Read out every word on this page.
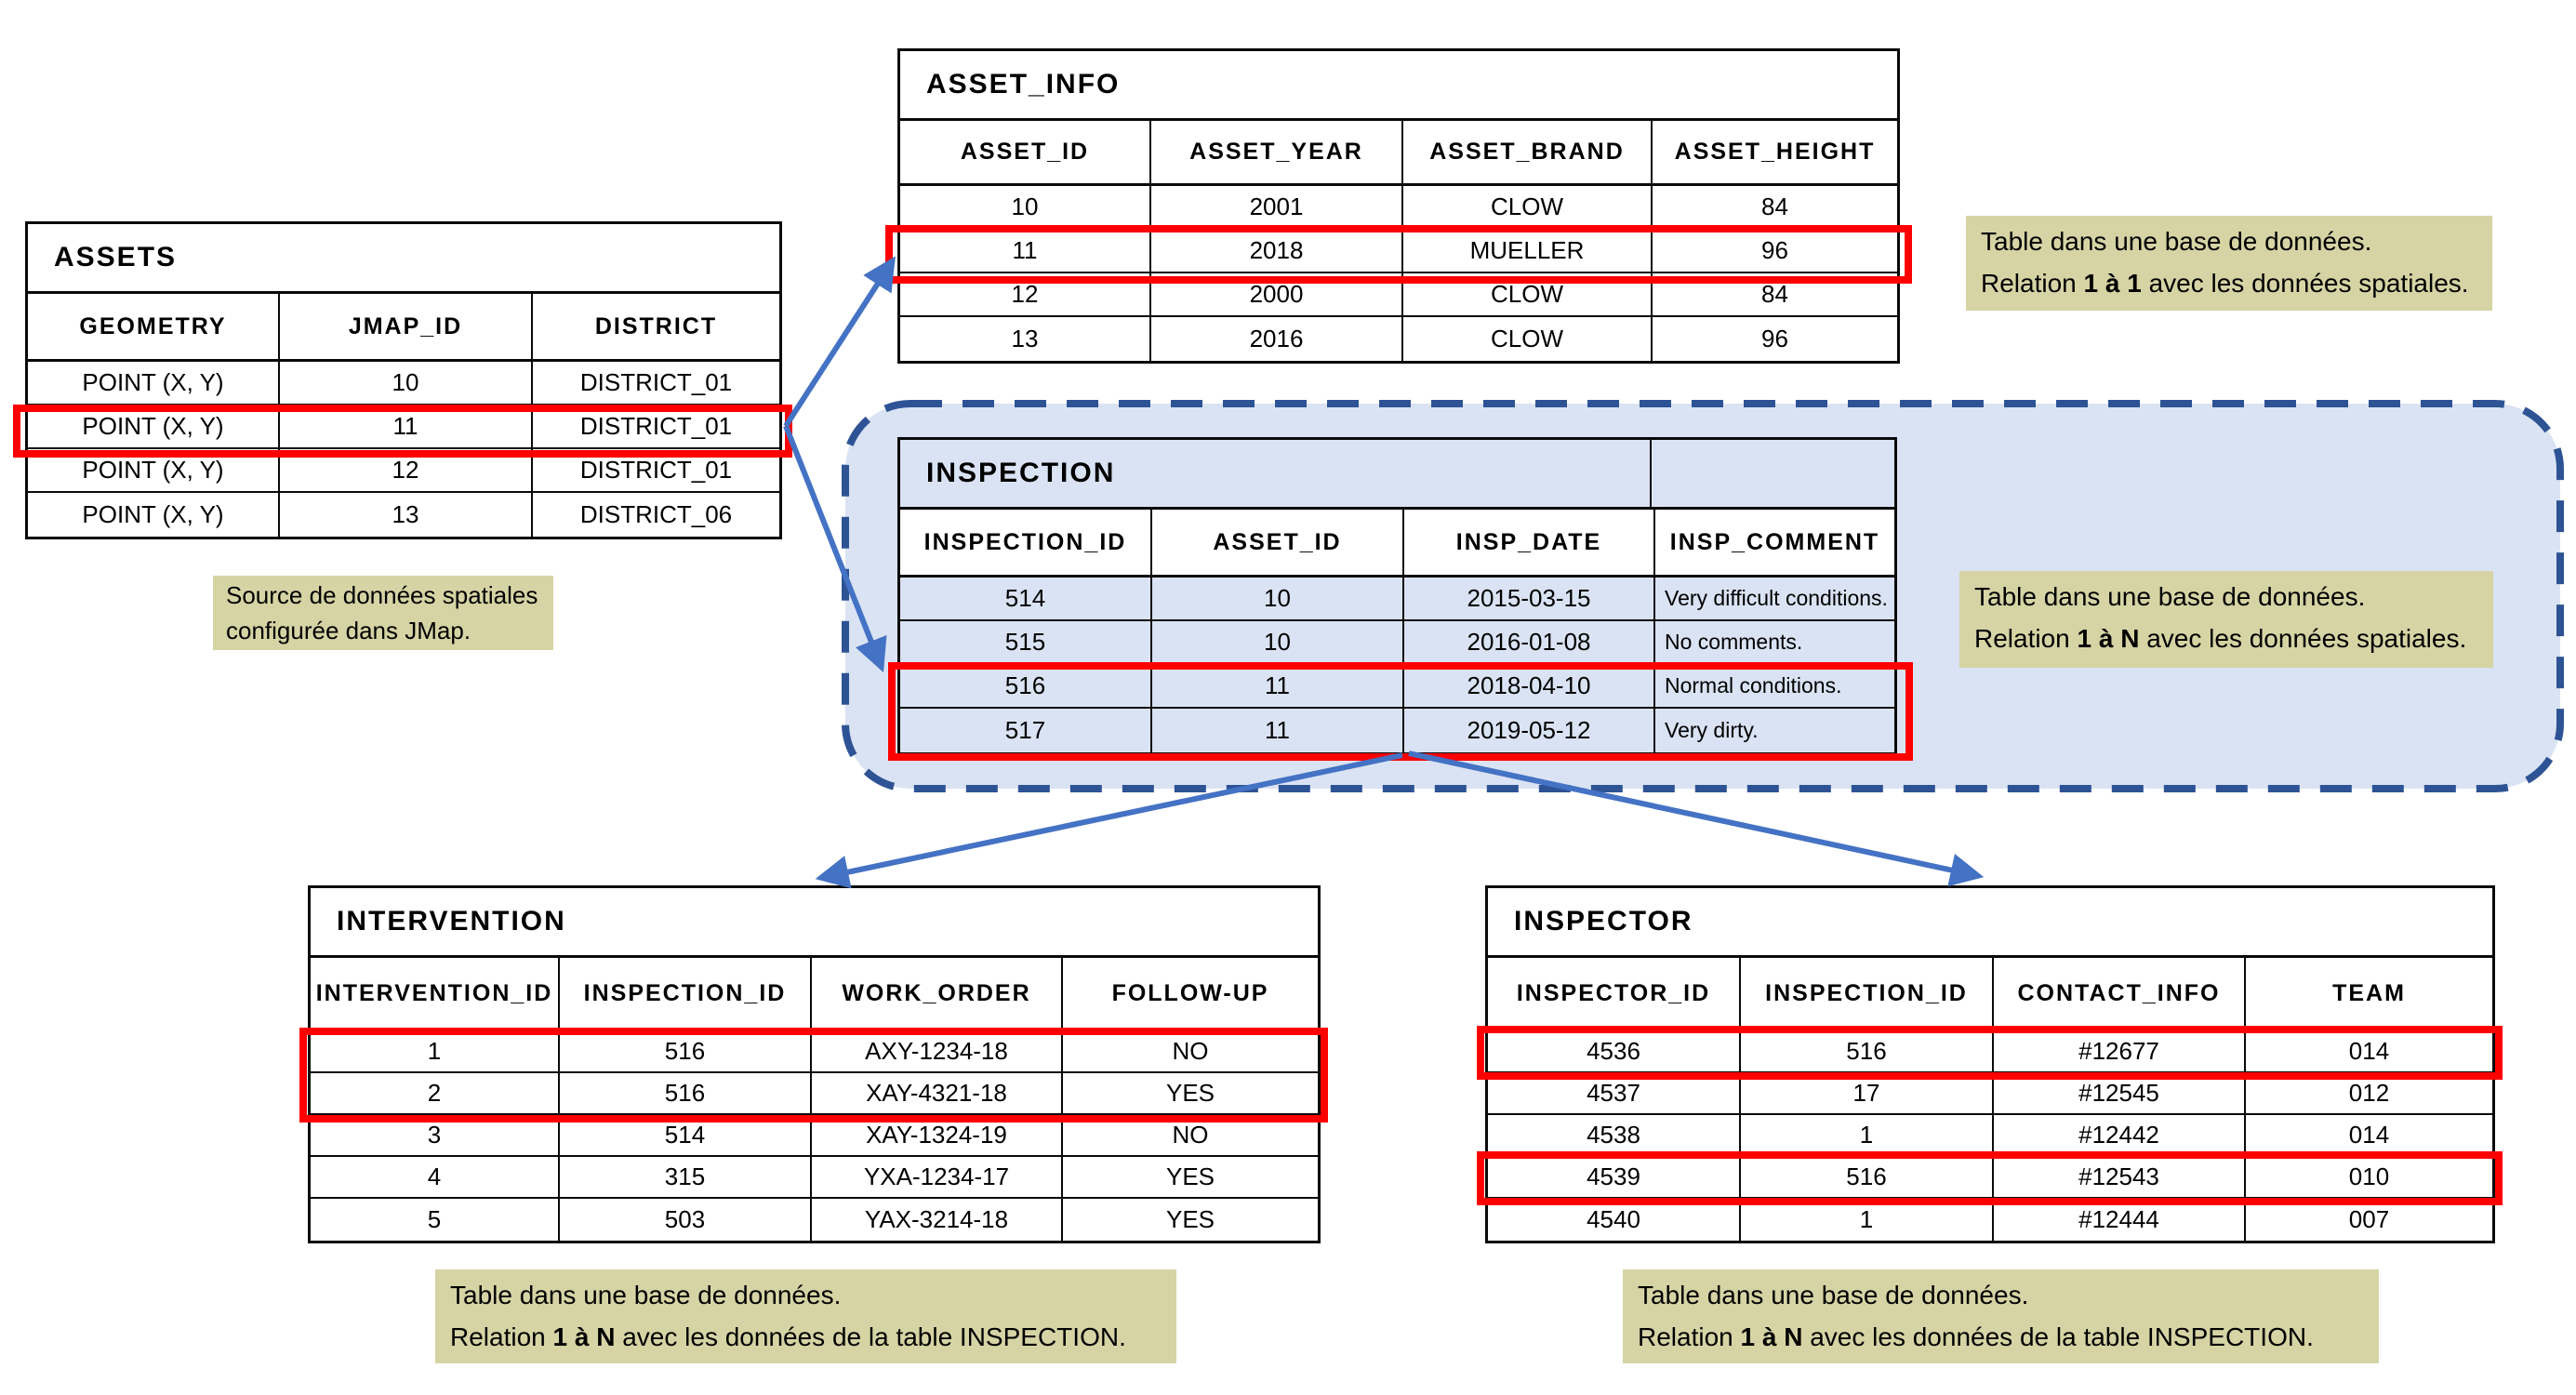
ASSETS
GEOMETRY	JMAP_ID	DISTRICT
POINT (X, Y)	10	DISTRICT_01
POINT (X, Y)	11	DISTRICT_01
POINT (X, Y)	12	DISTRICT_01
POINT (X, Y)	13	DISTRICT_06
ASSET_INFO
ASSET_ID	ASSET_YEAR	ASSET_BRAND	ASSET_HEIGHT
10	2001	CLOW	84
11	2018	MUELLER	96
12	2000	CLOW	84
13	2016	CLOW	96
INSPECTION
INSPECTION_ID	ASSET_ID	INSP_DATE	INSP_COMMENT
514	10	2015-03-15	Very difficult conditions.
515	10	2016-01-08	No comments.
516	11	2018-04-10	Normal conditions.
517	11	2019-05-12	Very dirty.
INTERVENTION
INTERVENTION_ID	INSPECTION_ID	WORK_ORDER	FOLLOW-UP
1	516	AXY-1234-18	NO
2	516	XAY-4321-18	YES
3	514	XAY-1324-19	NO
4	315	YXA-1234-17	YES
5	503	YAX-3214-18	YES
INSPECTOR
INSPECTOR_ID	INSPECTION_ID	CONTACT_INFO	TEAM
4536	516	#12677	014
4537	17	#12545	012
4538	1	#12442	014
4539	516	#12543	010
4540	1	#12444	007
Table dans une base de données.
Relation 1 à 1 avec les données spatiales.
Source de données spatiales
configurée dans JMap.
Table dans une base de données.
Relation 1 à N avec les données spatiales.
Table dans une base de données.
Relation 1 à N avec les données de la table INSPECTION.
Table dans une base de données.
Relation 1 à N avec les données de la table INSPECTION.
